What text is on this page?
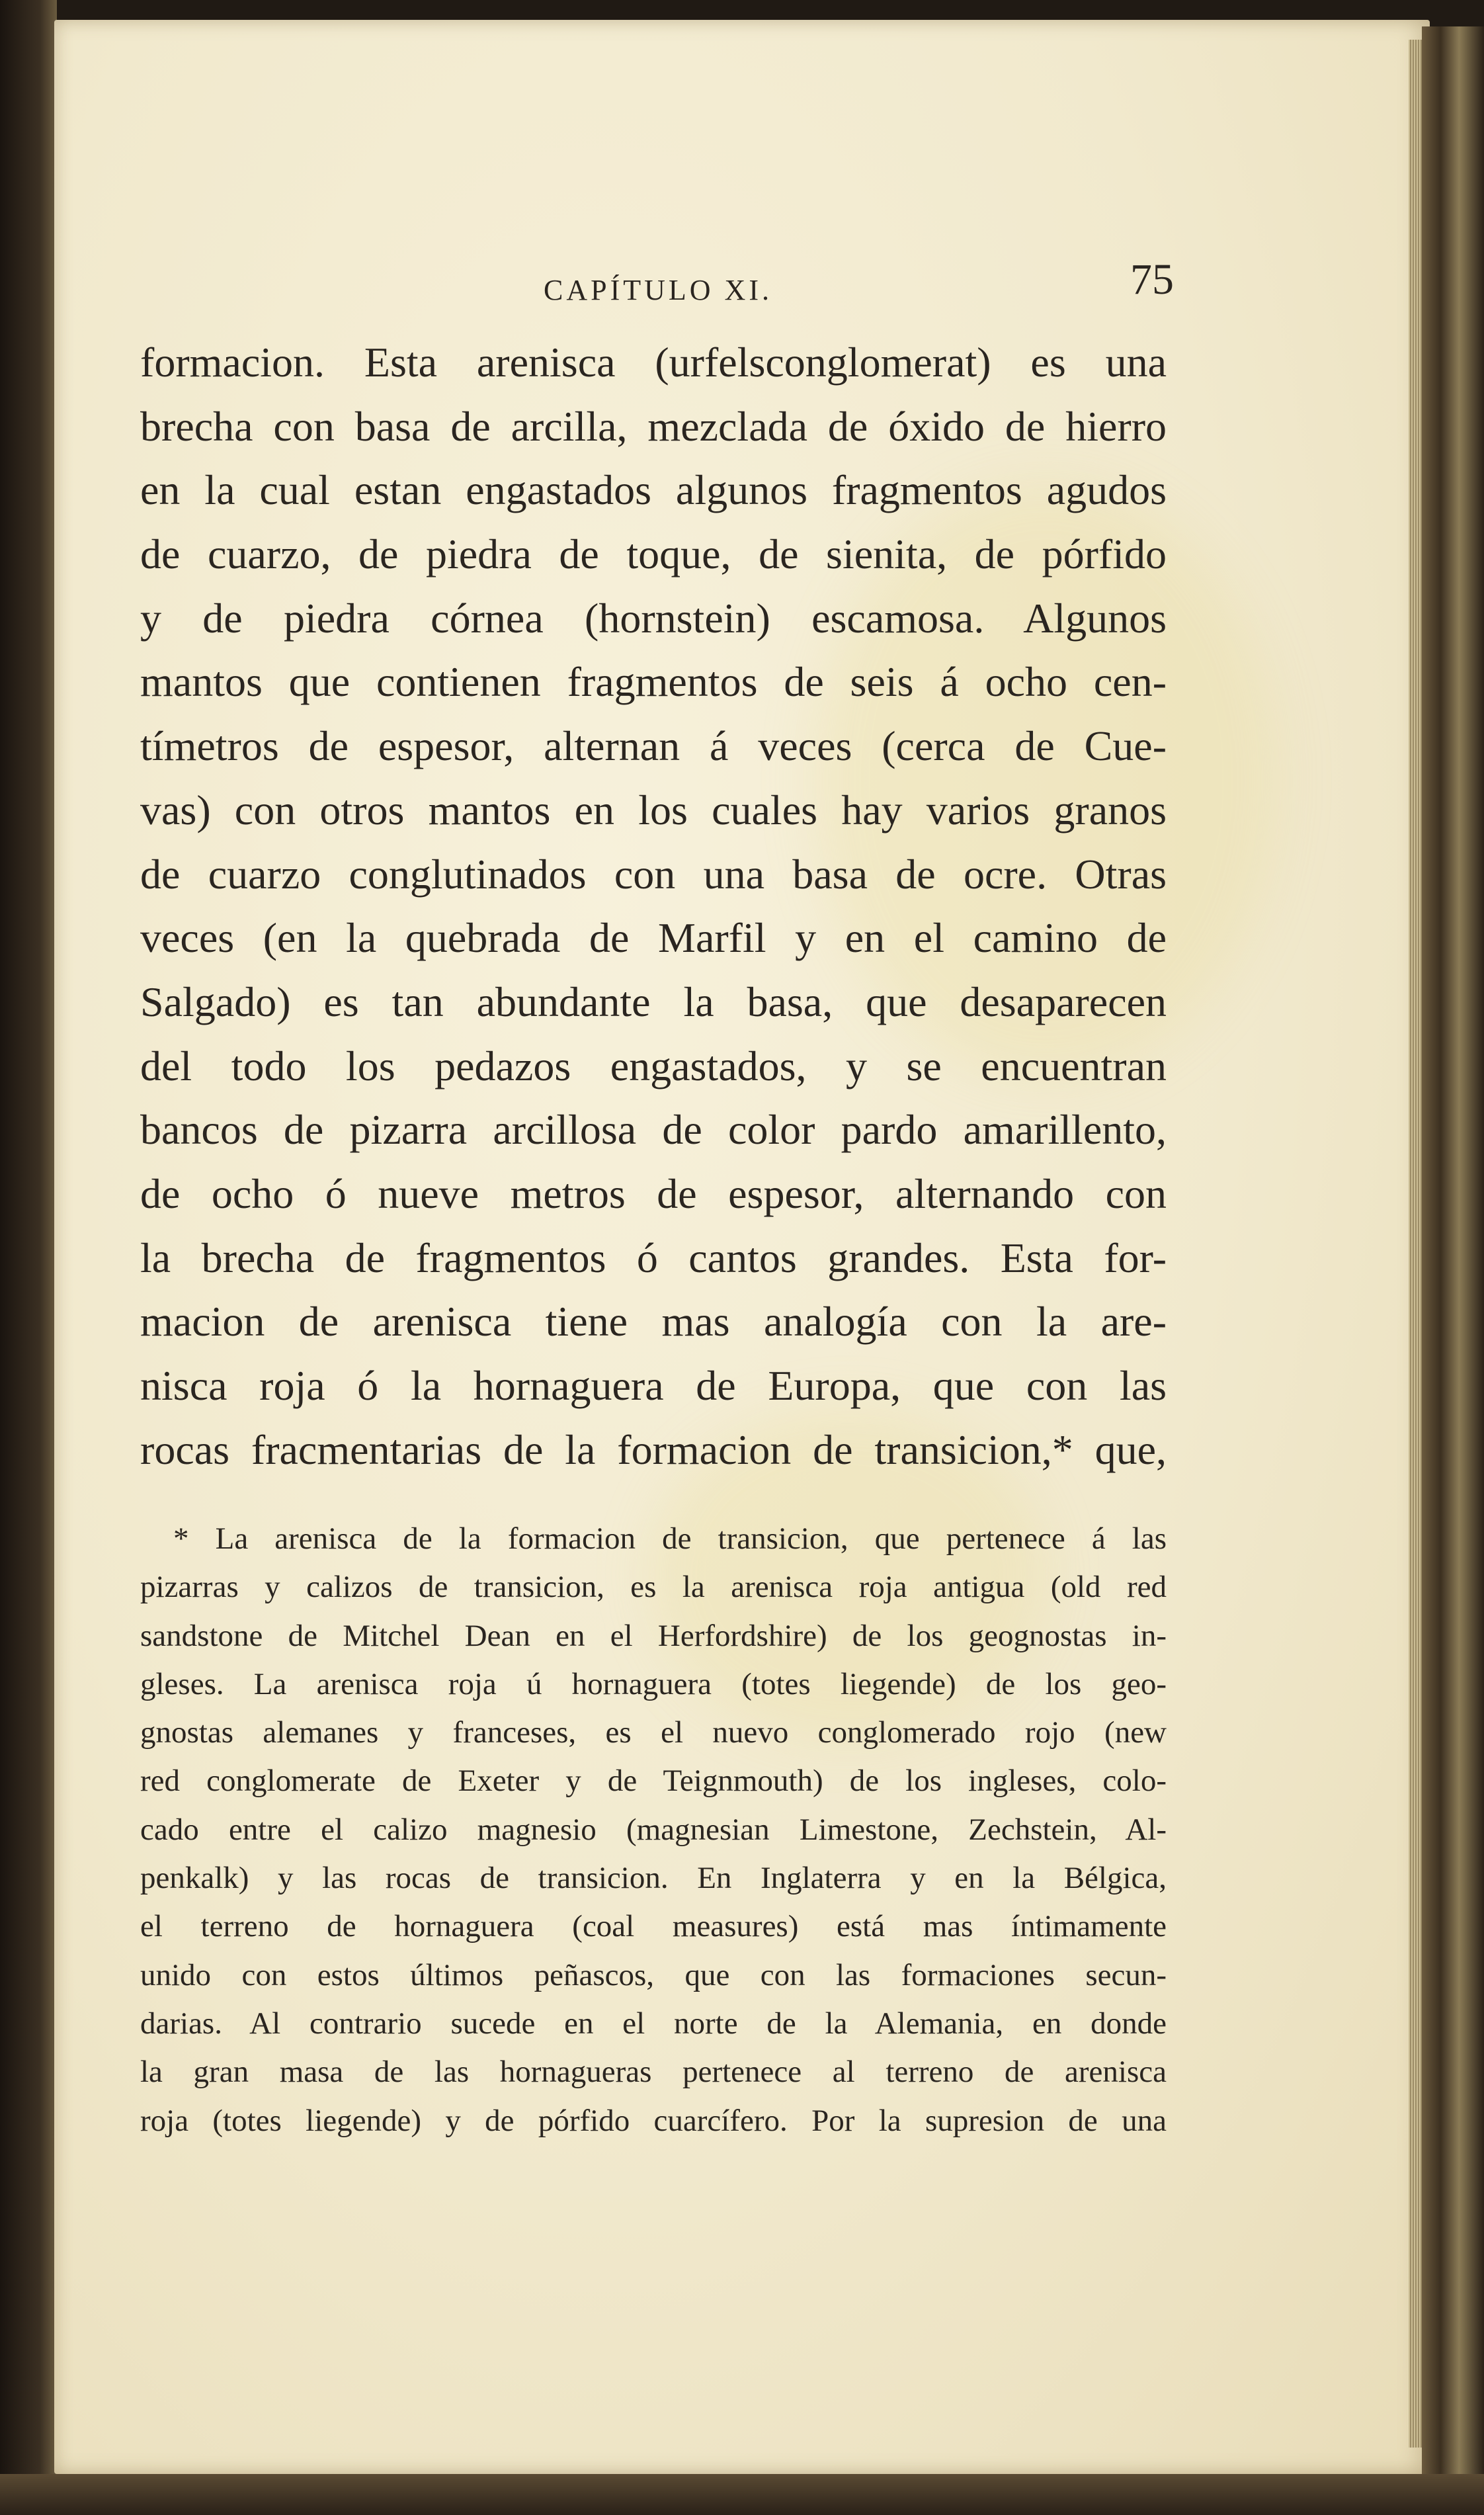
CAPÍTULO XI.	75
formacion. Esta arenisca (urfelsconglomerat) es una
brecha con basa de arcilla, mezclada de óxido de hierro
en la cual estan engastados algunos fragmentos agudos
de cuarzo, de piedra de toque, de sienita, de pórfido
y de piedra córnea (hornstein) escamosa. Algunos
mantos que contienen fragmentos de seis á ocho cen-
tímetros de espesor, alternan á veces (cerca de Cue-
vas) con otros mantos en los cuales hay varios granos
de cuarzo conglutinados con una basa de ocre. Otras
veces (en la quebrada de Marfil y en el camino de
Salgado) es tan abundante la basa, que desaparecen
del todo los pedazos engastados, y se encuentran
bancos de pizarra arcillosa de color pardo amarillento,
de ocho ó nueve metros de espesor, alternando con
la brecha de fragmentos ó cantos grandes. Esta for-
macion de arenisca tiene mas analogía con la are-
nisca roja ó la hornaguera de Europa, que con las
rocas fracmentarias de la formacion de transicion,* que,
* La arenisca de la formacion de transicion, que pertenece á las
pizarras y calizos de transicion, es la arenisca roja antigua (old red
sandstone de Mitchel Dean en el Herfordshire) de los geognostas in-
gleses. La arenisca roja ú hornaguera (totes liegende) de los geo-
gnostas alemanes y franceses, es el nuevo conglomerado rojo (new
red conglomerate de Exeter y de Teignmouth) de los ingleses, colo-
cado entre el calizo magnesio (magnesian Limestone, Zechstein, Al-
penkalk) y las rocas de transicion. En Inglaterra y en la Bélgica,
el terreno de hornaguera (coal measures) está mas íntimamente
unido con estos últimos peñascos, que con las formaciones secun-
darias. Al contrario sucede en el norte de la Alemania, en donde
la gran masa de las hornagueras pertenece al terreno de arenisca
roja (totes liegende) y de pórfido cuarcífero. Por la supresion de una
